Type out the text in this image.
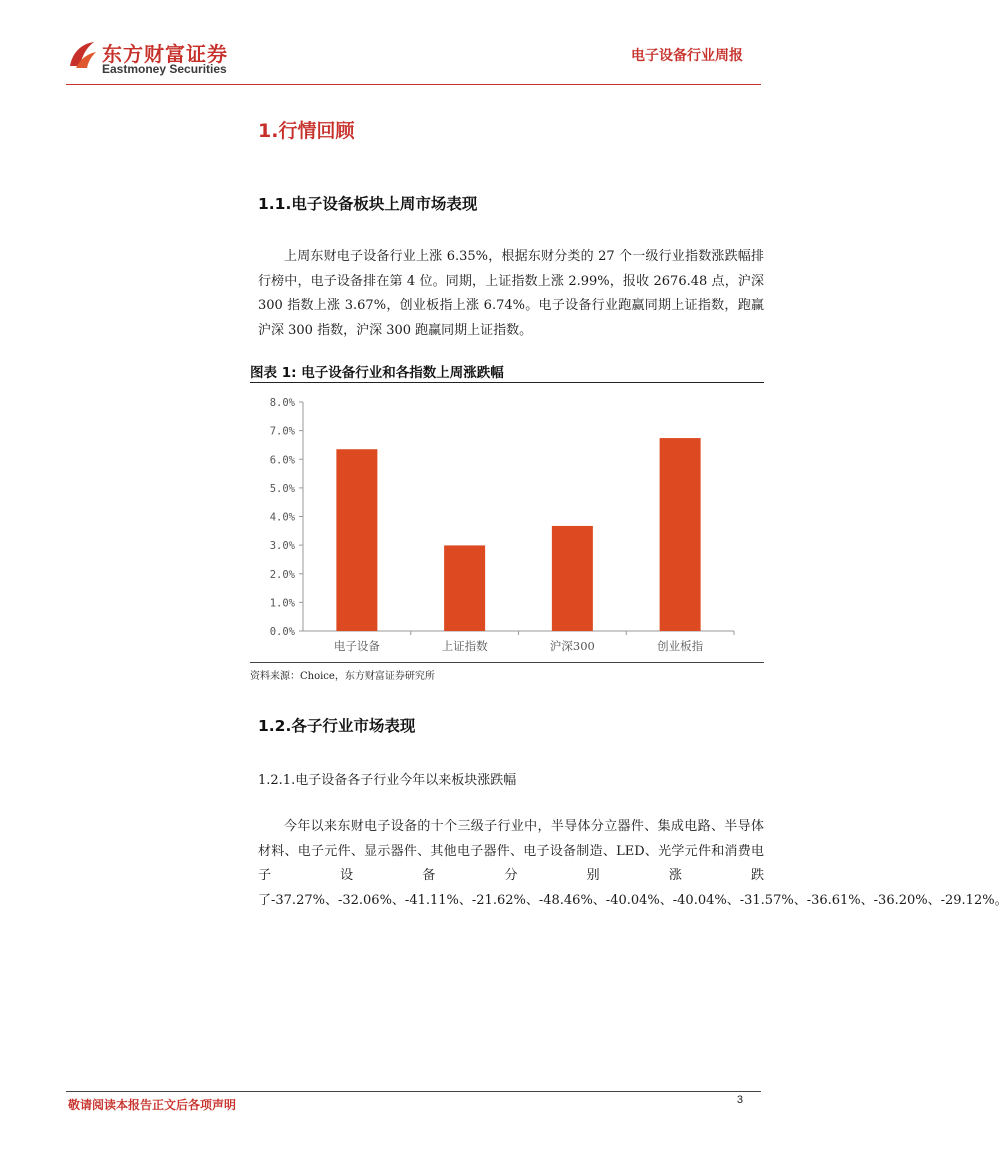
东方财富证券
Eastmoney Securities
电子设备行业周报
1.行情回顾
1.1.电子设备板块上周市场表现
上周东财电子设备行业上涨 6.35%，根据东财分类的 27 个一级行业指数涨跌幅排行榜中，电子设备排在第 4 位。同期，上证指数上涨 2.99%，报收 2676.48 点，沪深 300 指数上涨 3.67%，创业板指上涨 6.74%。电子设备行业跑赢同期上证指数，跑赢沪深 300 指数，沪深 300 跑赢同期上证指数。
图表 1: 电子设备行业和各指数上周涨跌幅
0.0%
1.0%
2.0%
3.0%
4.0%
5.0%
6.0%
7.0%
8.0%
电子设备	上证指数	沪深300	创业板指
资料来源：Choice，东方财富证券研究所
1.2.各子行业市场表现
1.2.1.电子设备各子行业今年以来板块涨跌幅
今年以来东财电子设备的十个三级子行业中，半导体分立器件、集成电路、半导体材料、电子元件、显示器件、其他电子器件、电子设备制造、LED、光学元件和消费电子设备分别涨跌了-37.27%、-32.06%、-41.11%、-21.62%、-48.46%、-40.04%、-40.04%、-31.57%、-36.61%、-36.20%、-29.12%。
敬请阅读本报告正文后各项声明	3
